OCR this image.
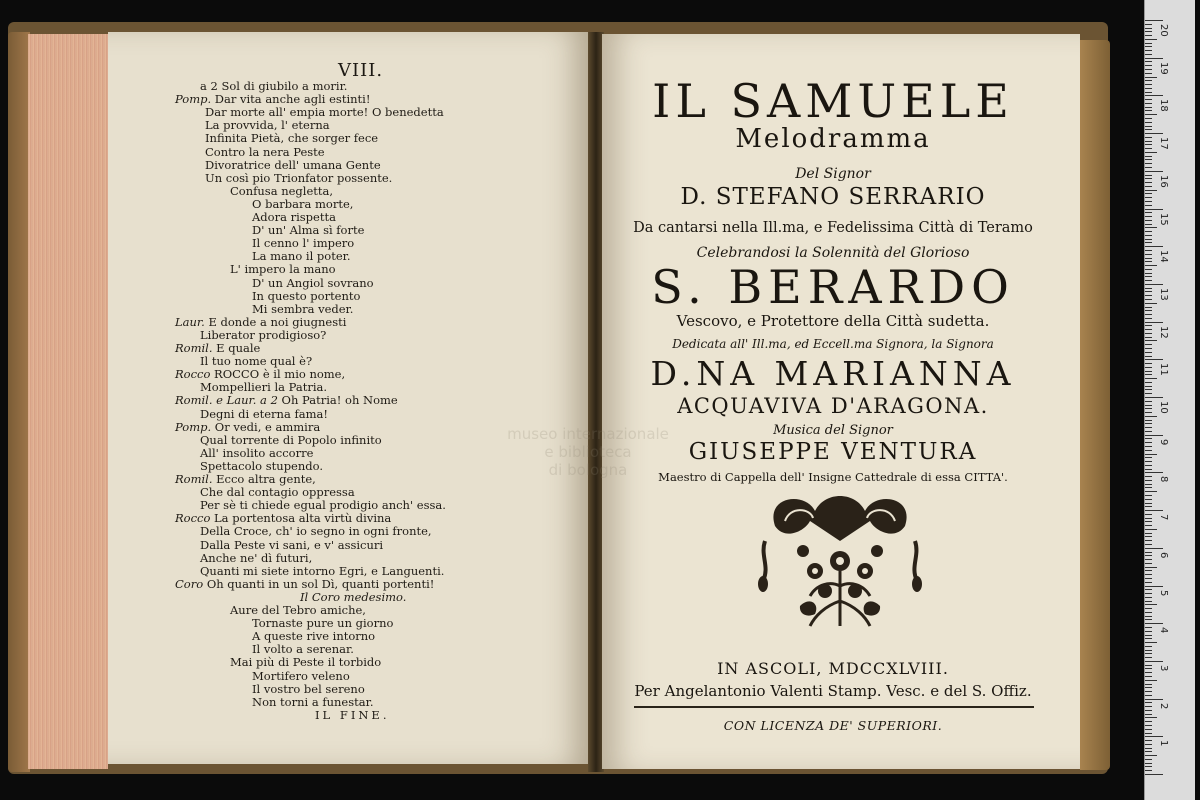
VIII.
a 2 Sol di giubilo a morir.
Pomp. Dar vita anche agli estinti!
Dar morte all' empia morte! O benedetta
La provvida, l' eterna
Infinita Pietà, che sorger fece
Contro la nera Peste
Divoratrice dell' umana Gente
Un così pio Trionfator possente.
Confusa negletta,
O barbara morte,
Adora rispetta
D' un' Alma sì forte
Il cenno l' impero
La mano il poter.
L' impero la mano
D' un Angiol sovrano
In questo portento
Mi sembra veder.
Laur. E donde a noi giugnesti
Liberator prodigioso?
Romil. E quale
Il tuo nome qual è?
Rocco ROCCO è il mio nome,
Mompellieri la Patria.
Romil. e Laur. a 2 Oh Patria! oh Nome
Degni di eterna fama!
Pomp. Or vedi, e ammira
Qual torrente di Popolo infinito
All' insolito accorre
Spettacolo stupendo.
Romil. Ecco altra gente,
Che dal contagio oppressa
Per sè ti chiede egual prodigio anch' essa.
Rocco La portentosa alta virtù divina
Della Croce, ch' io segno in ogni fronte,
Dalla Peste vi sani, e v' assicuri
Anche ne' dì futuri,
Quanti mi siete intorno Egri, e Languenti.
Coro Oh quanti in un sol Dì, quanti portenti!
Il Coro medesimo.
Aure del Tebro amiche,
Tornaste pure un giorno
A queste rive intorno
Il volto a serenar.
Mai più di Peste il torbido
Mortifero veleno
Il vostro bel sereno
Non torni a funestar.
IL FINE.
museo internazionale
e biblioteca
di bologna
IL SAMUELE
Melodramma
Del Signor
D. STEFANO SERRARIO
Da cantarsi nella Ill.ma, e Fedelissima Città di Teramo
Celebrandosi la Solennità del Glorioso
S. BERARDO
Vescovo, e Protettore della Città sudetta.
Dedicata all' Ill.ma, ed Eccell.ma Signora, la Signora
D.NA MARIANNA
ACQUAVIVA D'ARAGONA.
Musica del Signor
GIUSEPPE VENTURA
Maestro di Cappella dell' Insigne Cattedrale di essa CITTA'.
IN ASCOLI, MDCCXLVIII.
Per Angelantonio Valenti Stamp. Vesc. e del S. Offiz.
CON LICENZA DE' SUPERIORI.
20
19
18
17
16
15
14
13
12
11
10
9
8
7
6
5
4
3
2
1
